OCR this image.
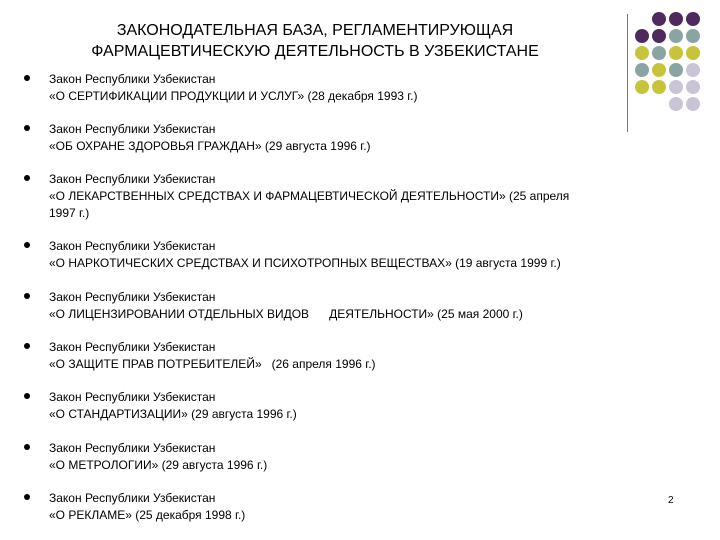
ЗАКОНОДАТЕЛЬНАЯ БАЗА, РЕГЛАМЕНТИРУЮЩАЯ
ФАРМАЦЕВТИЧЕСКУЮ ДЕЯТЕЛЬНОСТЬ В УЗБЕКИСТАНЕ
Закон Республики Узбекистан
«О СЕРТИФИКАЦИИ ПРОДУКЦИИ И УСЛУГ» (28 декабря 1993 г.)
Закон Республики Узбекистан
«ОБ ОХРАНЕ ЗДОРОВЬЯ ГРАЖДАН» (29 августа 1996 г.)
Закон Республики Узбекистан
«О ЛЕКАРСТВЕННЫХ СРЕДСТВАХ И ФАРМАЦЕВТИЧЕСКОЙ ДЕЯТЕЛЬНОСТИ» (25 апреля
1997 г.)
Закон Республики Узбекистан
«О НАРКОТИЧЕСКИХ СРЕДСТВАХ И ПСИХОТРОПНЫХ ВЕЩЕСТВАХ» (19 августа 1999 г.)
Закон Республики Узбекистан
«О ЛИЦЕНЗИРОВАНИИ ОТДЕЛЬНЫХ ВИДОВ      ДЕЯТЕЛЬНОСТИ» (25 мая 2000 г.)
Закон Республики Узбекистан
«О ЗАЩИТЕ ПРАВ ПОТРЕБИТЕЛЕЙ»   (26 апреля 1996 г.)
Закон Республики Узбекистан
«О СТАНДАРТИЗАЦИИ» (29 августа 1996 г.)
Закон Республики Узбекистан
«О МЕТРОЛОГИИ» (29 августа 1996 г.)
Закон Республики Узбекистан
«О РЕКЛАМЕ» (25 декабря 1998 г.)
2
